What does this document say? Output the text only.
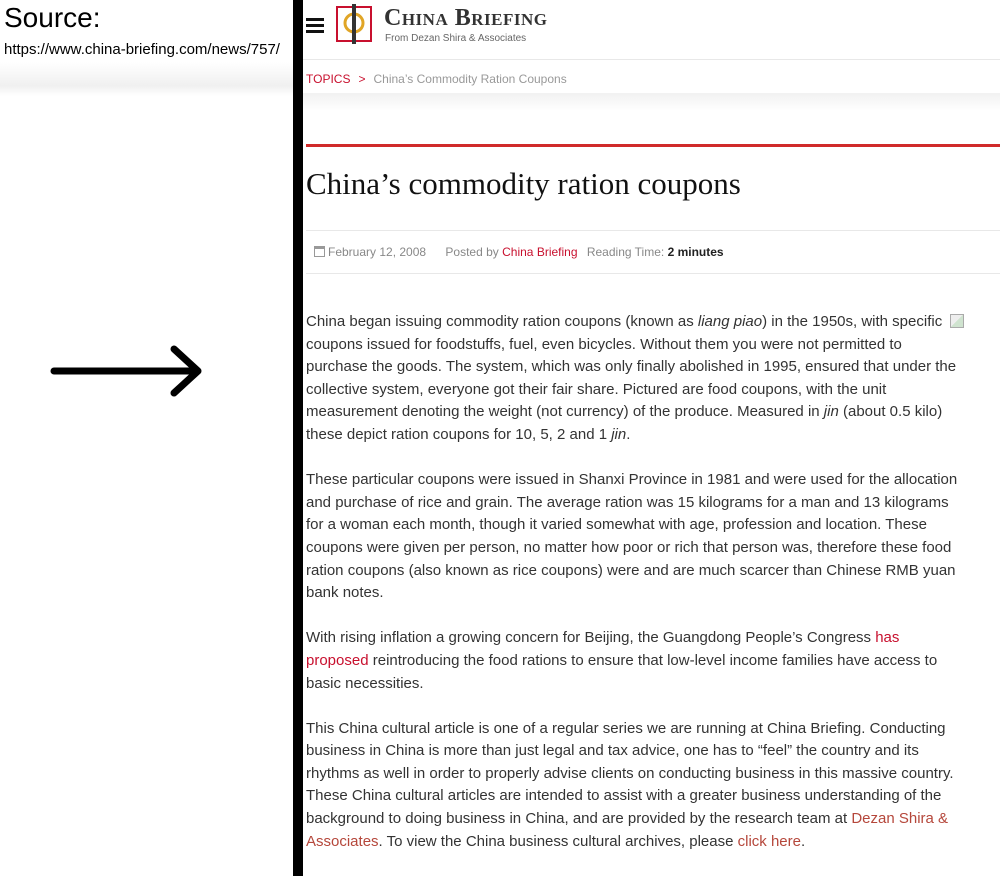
Source:
https://www.china-briefing.com/news/757/
China Briefing
From Dezan Shira & Associates
TOPICS > China’s Commodity Ration Coupons
China’s commodity ration coupons
February 12, 2008 Posted by China Briefing Reading Time: 2 minutes

China began issuing commodity ration coupons (known as liang piao) in the 1950s, with specific coupons issued for foodstuffs, fuel, even bicycles. Without them you were not permitted to purchase the goods. The system, which was only finally abolished in 1995, ensured that under the collective system, everyone got their fair share. Pictured are food coupons, with the unit measurement denoting the weight (not currency) of the produce. Measured in jin (about 0.5 kilo) these depict ration coupons for 10, 5, 2 and 1 jin.

These particular coupons were issued in Shanxi Province in 1981 and were used for the allocation and purchase of rice and grain. The average ration was 15 kilograms for a man and 13 kilograms for a woman each month, though it varied somewhat with age, profession and location. These coupons were given per person, no matter how poor or rich that person was, therefore these food ration coupons (also known as rice coupons) were and are much scarcer than Chinese RMB yuan bank notes.

With rising inflation a growing concern for Beijing, the Guangdong People’s Congress has proposed reintroducing the food rations to ensure that low-level income families have access to basic necessities.

This China cultural article is one of a regular series we are running at China Briefing. Conducting business in China is more than just legal and tax advice, one has to “feel” the country and its rhythms as well in order to properly advise clients on conducting business in this massive country. These China cultural articles are intended to assist with a greater business understanding of the background to doing business in China, and are provided by the research team at Dezan Shira & Associates. To view the China business cultural archives, please click here.
